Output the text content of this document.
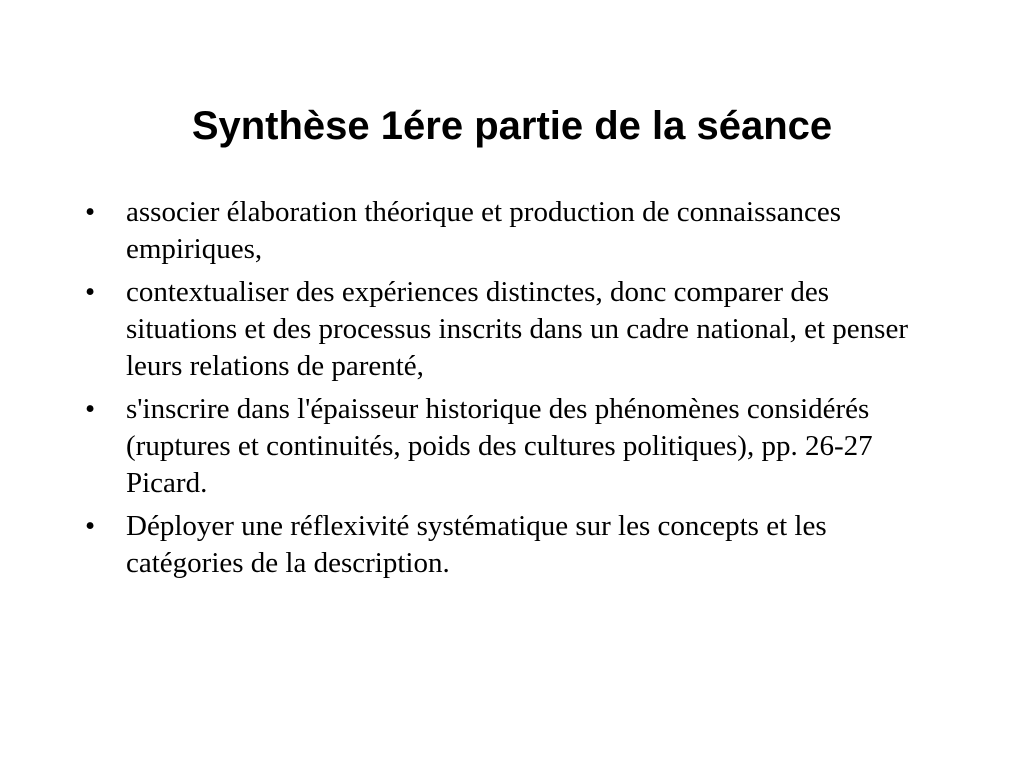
Synthèse 1ére partie de la séance
•	associer élaboration théorique et production de connaissances empiriques,
•	contextualiser des expériences distinctes, donc comparer des situations et des processus inscrits dans un cadre national, et penser leurs relations de parenté,
•	s'inscrire dans l'épaisseur historique des phénomènes considérés (ruptures et continuités, poids des cultures politiques), pp. 26-27 Picard.
•	Déployer une réflexivité systématique sur les concepts et les catégories de la description.
